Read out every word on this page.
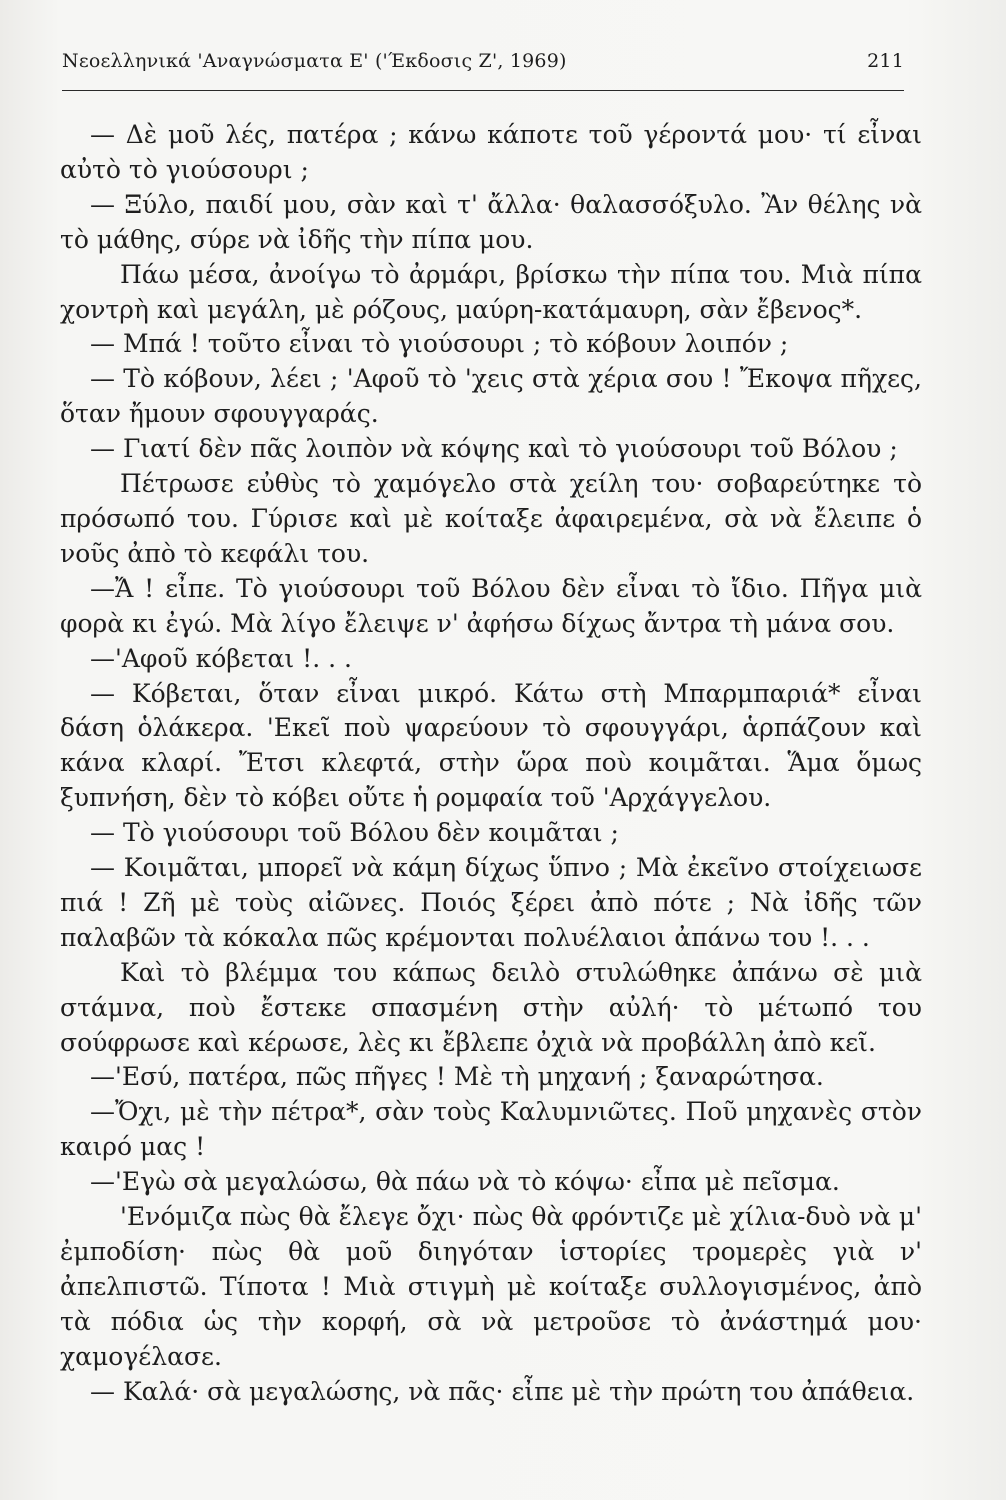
Νεοελληνικά 'Αναγνώσματα Ε' ('Έκδοσις Ζ', 1969)	211

— Δὲ μοῦ λές, πατέρα ; κάνω κάποτε τοῦ γέροντά μου· τί εἶναι αὐτὸ τὸ γιούσουρι ;

— Ξύλο, παιδί μου, σὰν καὶ τ' ἄλλα· θαλασσόξυλο. Ἂν θέλης νὰ τὸ μάθης, σύρε νὰ ἰδῆς τὴν πίπα μου.

Πάω μέσα, ἀνοίγω τὸ ἀρμάρι, βρίσκω τὴν πίπα του. Μιὰ πίπα χοντρὴ καὶ μεγάλη, μὲ ρόζους, μαύρη-κατάμαυρη, σὰν ἔβενος*.

— Μπά ! τοῦτο εἶναι τὸ γιούσουρι ; τὸ κόβουν λοιπόν ;

— Τὸ κόβουν, λέει ; 'Αφοῦ τὸ 'χεις στὰ χέρια σου ! Ἔκοψα πῆχες, ὅταν ἤμουν σφουγγαράς.

— Γιατί δὲν πᾶς λοιπὸν νὰ κόψης καὶ τὸ γιούσουρι τοῦ Βόλου ;

Πέτρωσε εὐθὺς τὸ χαμόγελο στὰ χείλη του· σοβαρεύτηκε τὸ πρόσωπό του. Γύρισε καὶ μὲ κοίταξε ἀφαιρεμένα, σὰ νὰ ἔλειπε ὁ νοῦς ἀπὸ τὸ κεφάλι του.

—Ἄ ! εἶπε. Τὸ γιούσουρι τοῦ Βόλου δὲν εἶναι τὸ ἴδιο. Πῆγα μιὰ φορὰ κι ἐγώ. Μὰ λίγο ἔλειψε ν' ἀφήσω δίχως ἄντρα τὴ μάνα σου.

—'Αφοῦ κόβεται !. . .

— Κόβεται, ὅταν εἶναι μικρό. Κάτω στὴ Μπαρμπαριά* εἶναι δάση ὁλάκερα. 'Εκεῖ ποὺ ψαρεύουν τὸ σφουγγάρι, ἁρπάζουν καὶ κάνα κλαρί. Ἔτσι κλεφτά, στὴν ὥρα ποὺ κοιμᾶται. Ἅμα ὅμως ξυπνήση, δὲν τὸ κόβει οὔτε ἡ ρομφαία τοῦ 'Αρχάγγελου.

— Τὸ γιούσουρι τοῦ Βόλου δὲν κοιμᾶται ;

— Κοιμᾶται, μπορεῖ νὰ κάμη δίχως ὕπνο ; Μὰ ἐκεῖνο στοίχειωσε πιά ! Ζῆ μὲ τοὺς αἰῶνες. Ποιός ξέρει ἀπὸ πότε ; Νὰ ἰδῆς τῶν παλαβῶν τὰ κόκαλα πῶς κρέμονται πολυέλαιοι ἀπάνω του !. . .

Καὶ τὸ βλέμμα του κάπως δειλὸ στυλώθηκε ἀπάνω σὲ μιὰ στάμνα, ποὺ ἔστεκε σπασμένη στὴν αὐλή· τὸ μέτωπό του σούφρωσε καὶ κέρωσε, λὲς κι ἔβλεπε ὀχιὰ νὰ προβάλλη ἀπὸ κεῖ.

—'Εσύ, πατέρα, πῶς πῆγες ! Μὲ τὴ μηχανή ; ξαναρώτησα.

—Ὄχι, μὲ τὴν πέτρα*, σὰν τοὺς Καλυμνιῶτες. Ποῦ μηχανὲς στὸν καιρό μας !

—'Εγὼ σὰ μεγαλώσω, θὰ πάω νὰ τὸ κόψω· εἶπα μὲ πεῖσμα.

'Ενόμιζα πὼς θὰ ἔλεγε ὄχι· πὼς θὰ φρόντιζε μὲ χίλια-δυὸ νὰ μ' ἐμποδίση· πὼς θὰ μοῦ διηγόταν ἱστορίες τρομερὲς γιὰ ν' ἀπελπιστῶ. Τίποτα ! Μιὰ στιγμὴ μὲ κοίταξε συλλογισμένος, ἀπὸ τὰ πόδια ὡς τὴν κορφή, σὰ νὰ μετροῦσε τὸ ἀνάστημά μου· χαμογέλασε.

— Καλά· σὰ μεγαλώσης, νὰ πᾶς· εἶπε μὲ τὴν πρώτη του ἀπάθεια.
